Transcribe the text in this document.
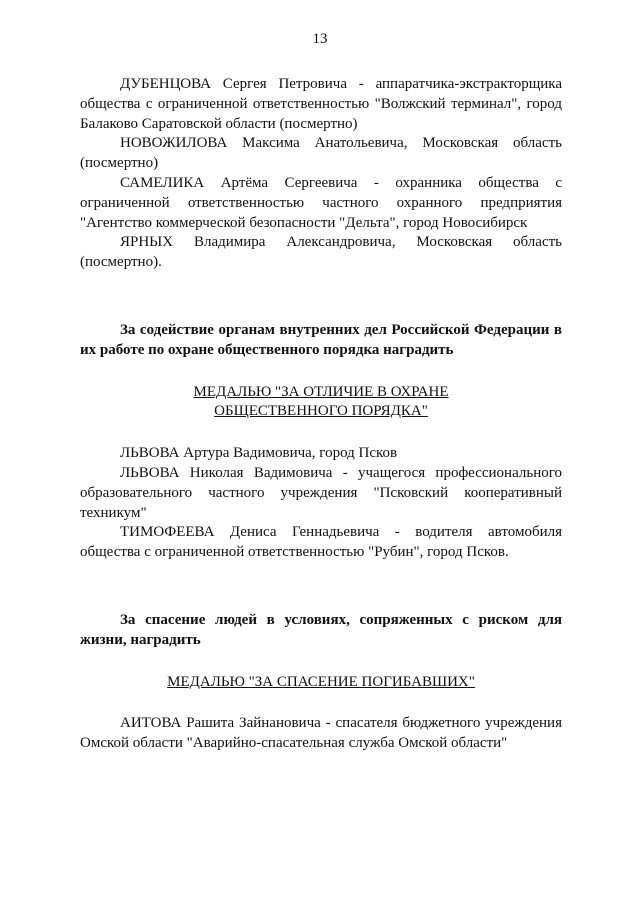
13

ДУБЕНЦОВА Сергея Петровича - аппаратчика-экстракторщика общества с ограниченной ответственностью "Волжский терминал", город Балаково Саратовской области (посмертно)

НОВОЖИЛОВА Максима Анатольевича, Московская область (посмертно)

САМЕЛИКА Артёма Сергеевича - охранника общества с ограниченной ответственностью частного охранного предприятия "Агентство коммерческой безопасности "Дельта", город Новосибирск

ЯРНЫХ Владимира Александровича, Московская область (посмертно).

За содействие органам внутренних дел Российской Федерации в их работе по охране общественного порядка наградить

МЕДАЛЬЮ "ЗА ОТЛИЧИЕ В ОХРАНЕ

ОБЩЕСТВЕННОГО ПОРЯДКА"

ЛЬВОВА Артура Вадимовича, город Псков

ЛЬВОВА Николая Вадимовича - учащегося профессионального образовательного частного учреждения "Псковский кооперативный техникум"

ТИМОФЕЕВА Дениса Геннадьевича - водителя автомобиля общества с ограниченной ответственностью "Рубин", город Псков.

За спасение людей в условиях, сопряженных с риском для жизни, наградить

МЕДАЛЬЮ "ЗА СПАСЕНИЕ ПОГИБАВШИХ"

АИТОВА Рашита Зайнановича - спасателя бюджетного учреждения Омской области "Аварийно-спасательная служба Омской области"
